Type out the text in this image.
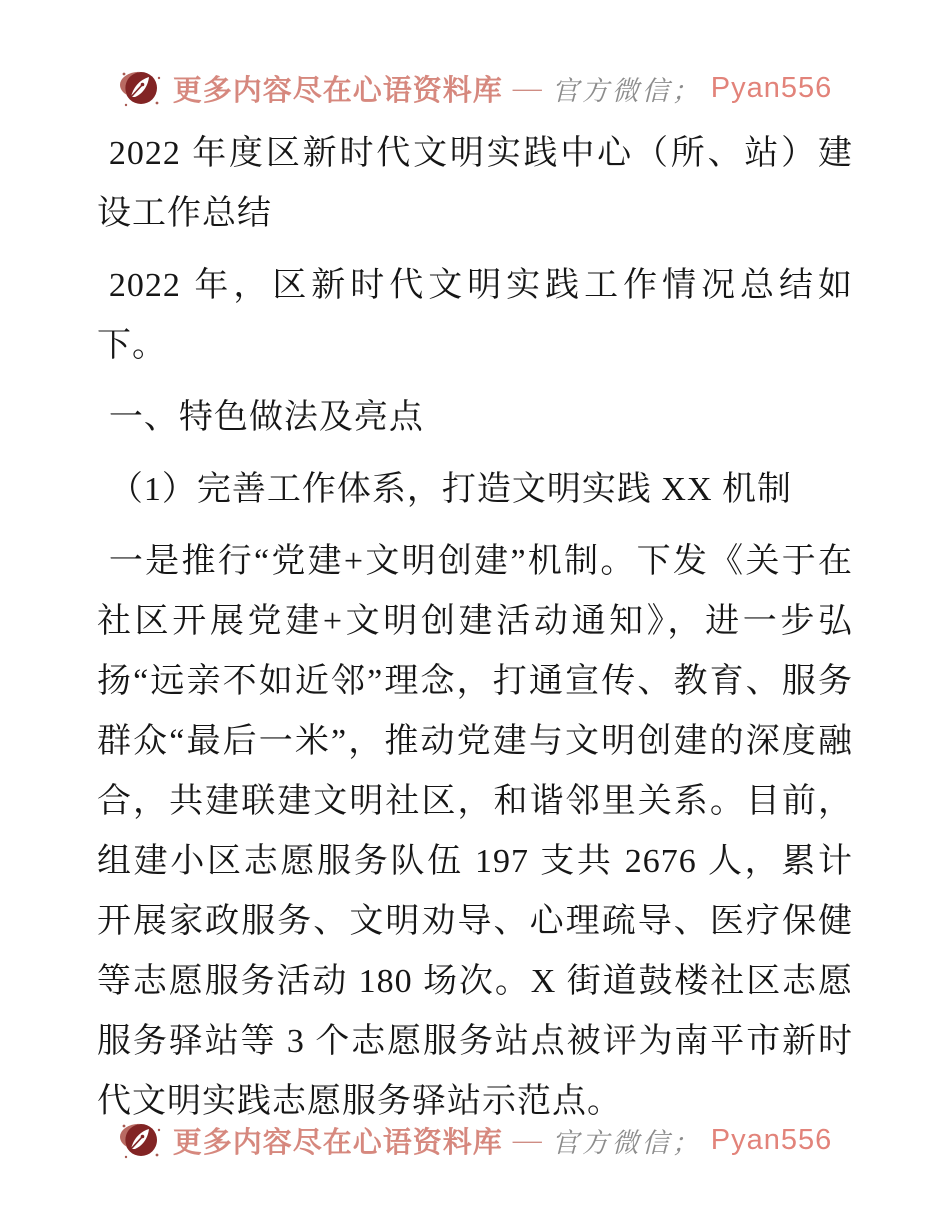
更多内容尽在心语资料库 — 官方微信； Pyan556

2022 年度区新时代文明实践中心（所、站）建设工作总结

2022 年，区新时代文明实践工作情况总结如下。

一、特色做法及亮点

（1）完善工作体系，打造文明实践 XX 机制

一是推行“党建+文明创建”机制。下发《关于在社区开展党建+文明创建活动通知》，进一步弘扬“远亲不如近邻”理念，打通宣传、教育、服务群众“最后一米”，推动党建与文明创建的深度融合，共建联建文明社区，和谐邻里关系。目前，组建小区志愿服务队伍 197 支共 2676 人，累计开展家政服务、文明劝导、心理疏导、医疗保健等志愿服务活动 180 场次。X 街道鼓楼社区志愿服务驿站等 3 个志愿服务站点被评为南平市新时代文明实践志愿服务驿站示范点。

更多内容尽在心语资料库 — 官方微信； Pyan556
